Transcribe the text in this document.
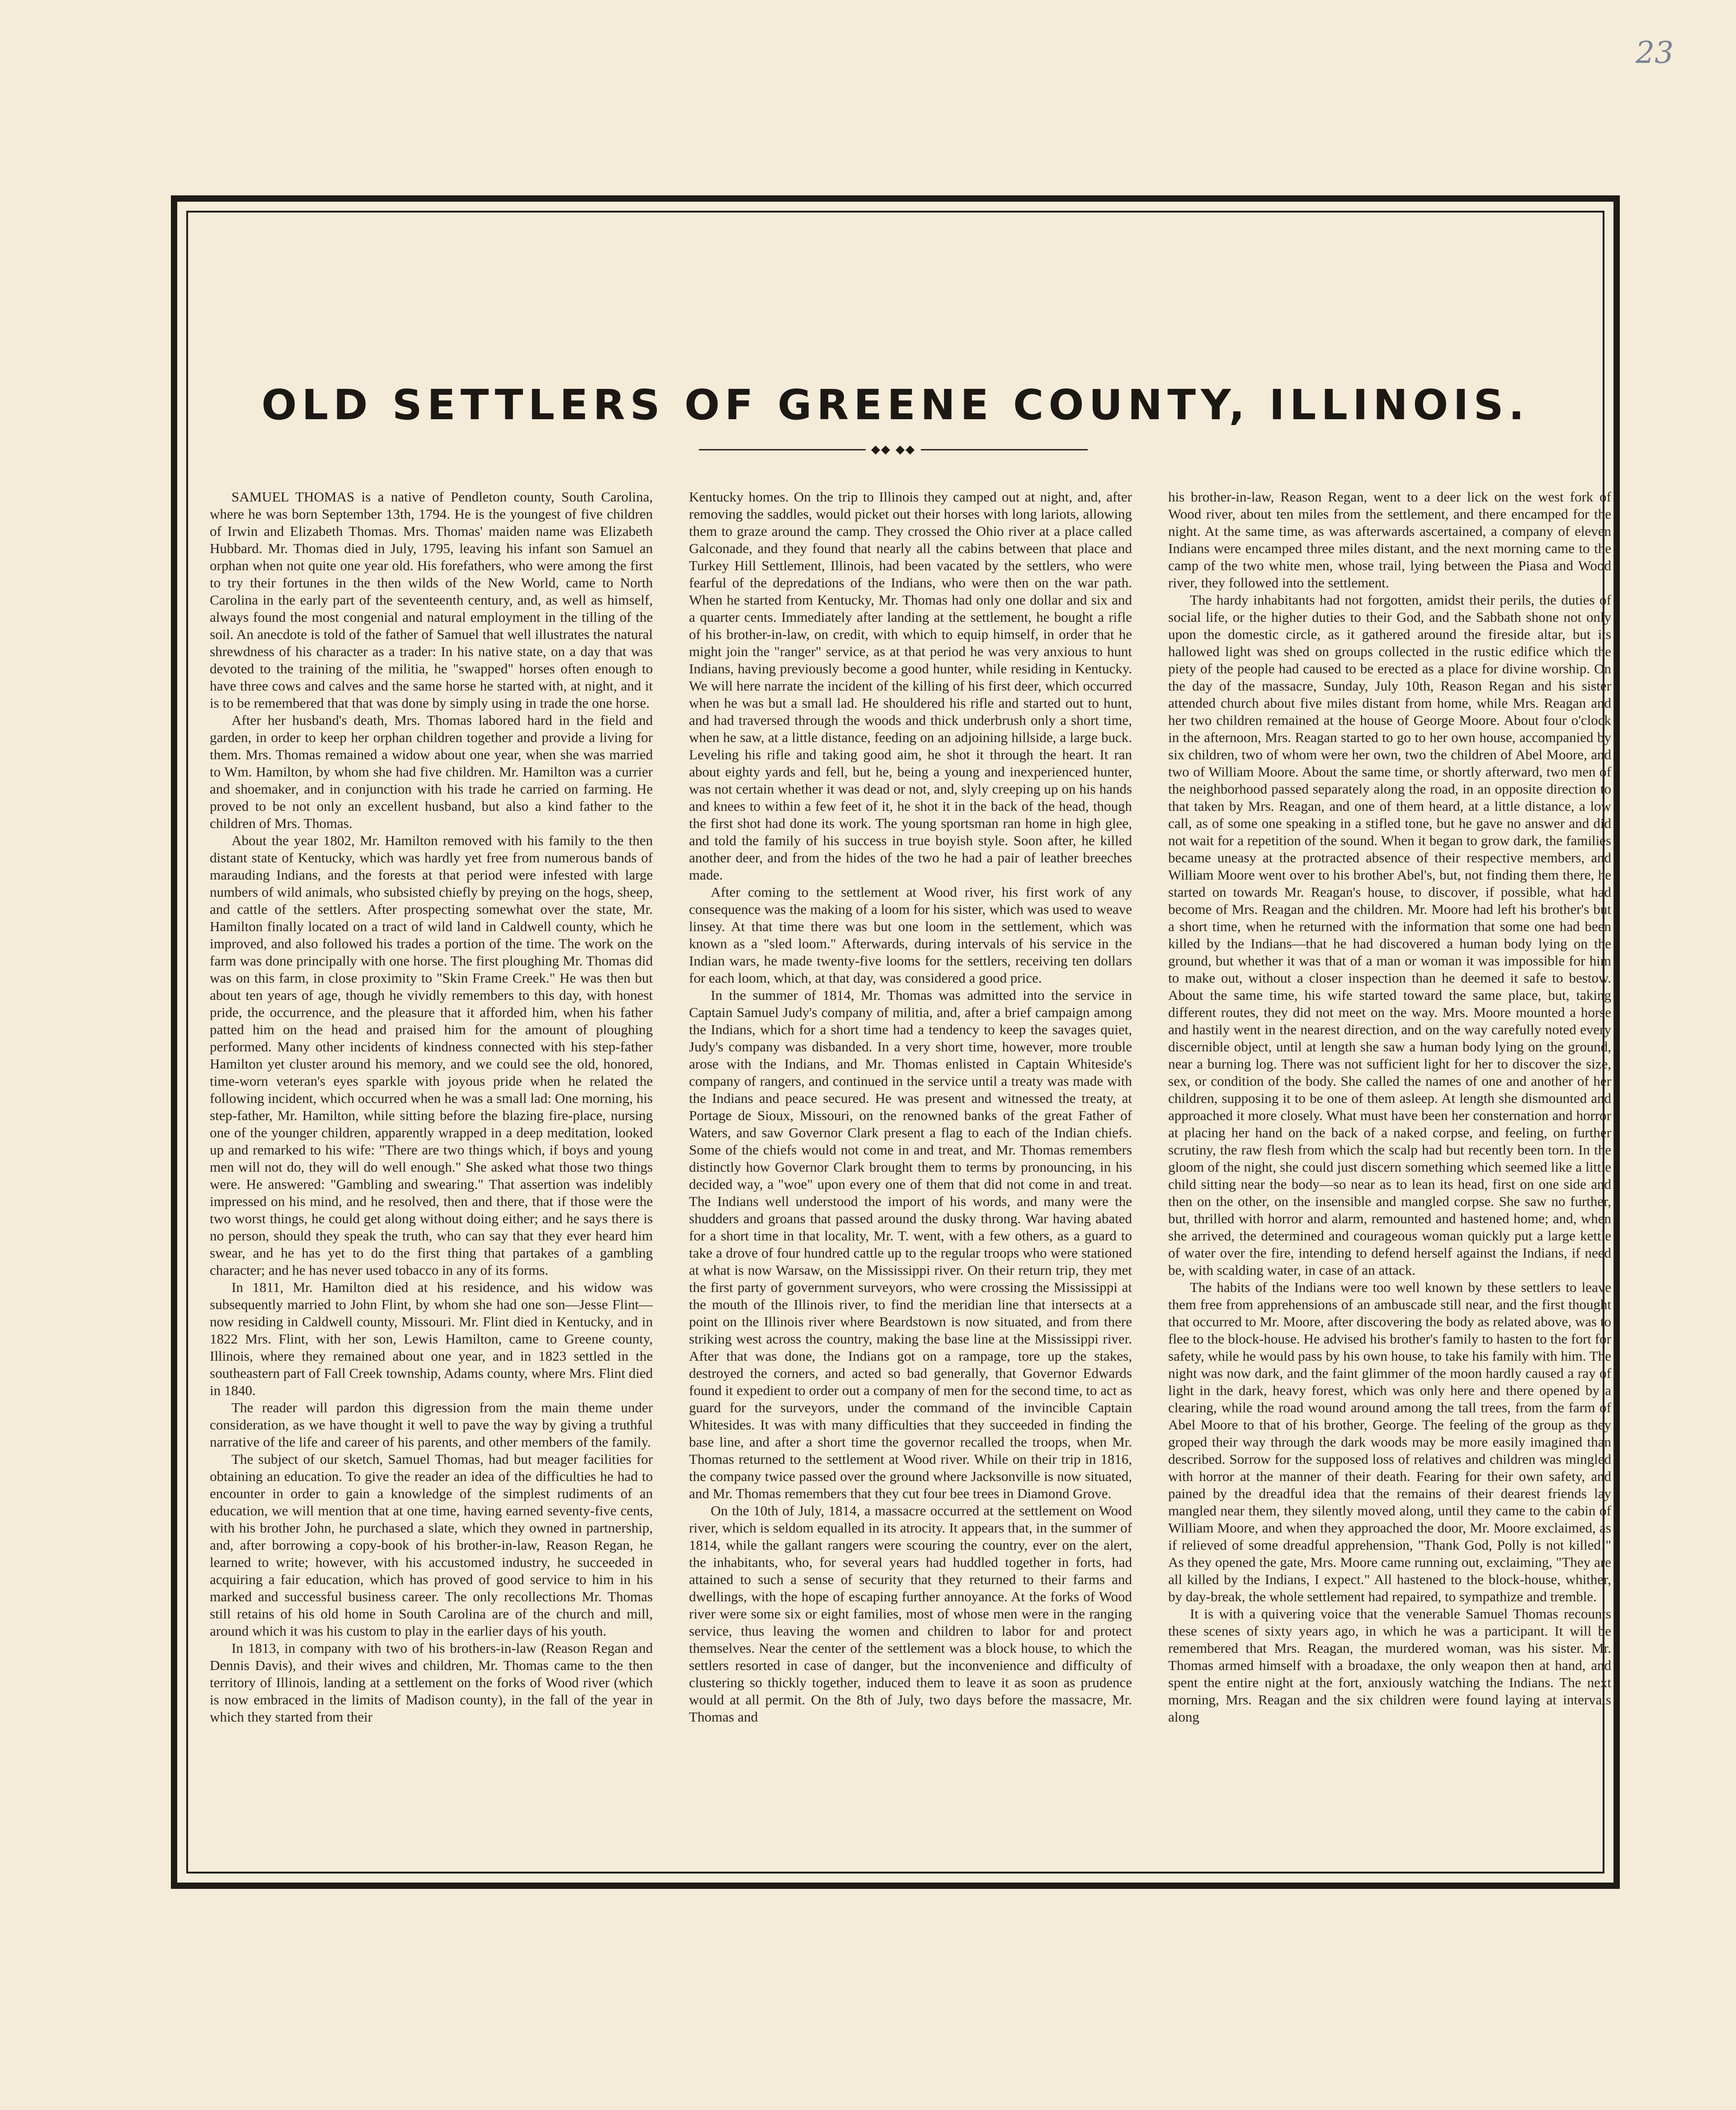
23
OLD SETTLERS OF GREENE COUNTY, ILLINOIS.
◆◆ ◆◆

SAMUEL THOMAS is a native of Pendleton county, South Carolina, where he was born September 13th, 1794. He is the youngest of five children of Irwin and Elizabeth Thomas. Mrs. Thomas' maiden name was Elizabeth Hubbard. Mr. Thomas died in July, 1795, leaving his infant son Samuel an orphan when not quite one year old. His forefathers, who were among the first to try their fortunes in the then wilds of the New World, came to North Carolina in the early part of the seventeenth century, and, as well as himself, always found the most congenial and natural employment in the tilling of the soil. An anecdote is told of the father of Samuel that well illustrates the natural shrewdness of his character as a trader: In his native state, on a day that was devoted to the training of the militia, he "swapped" horses often enough to have three cows and calves and the same horse he started with, at night, and it is to be remembered that that was done by simply using in trade the one horse.

After her husband's death, Mrs. Thomas labored hard in the field and garden, in order to keep her orphan children together and provide a living for them. Mrs. Thomas remained a widow about one year, when she was married to Wm. Hamilton, by whom she had five children. Mr. Hamilton was a currier and shoemaker, and in conjunction with his trade he carried on farming. He proved to be not only an excellent husband, but also a kind father to the children of Mrs. Thomas.

About the year 1802, Mr. Hamilton removed with his family to the then distant state of Kentucky, which was hardly yet free from numerous bands of marauding Indians, and the forests at that period were infested with large numbers of wild animals, who subsisted chiefly by preying on the hogs, sheep, and cattle of the settlers. After prospecting somewhat over the state, Mr. Hamilton finally located on a tract of wild land in Caldwell county, which he improved, and also followed his trades a portion of the time. The work on the farm was done principally with one horse. The first ploughing Mr. Thomas did was on this farm, in close proximity to "Skin Frame Creek." He was then but about ten years of age, though he vividly remembers to this day, with honest pride, the occurrence, and the pleasure that it afforded him, when his father patted him on the head and praised him for the amount of ploughing performed. Many other incidents of kindness connected with his step-father Hamilton yet cluster around his memory, and we could see the old, honored, time-worn veteran's eyes sparkle with joyous pride when he related the following incident, which occurred when he was a small lad: One morning, his step-father, Mr. Hamilton, while sitting before the blazing fire-place, nursing one of the younger children, apparently wrapped in a deep meditation, looked up and remarked to his wife: "There are two things which, if boys and young men will not do, they will do well enough." She asked what those two things were. He answered: "Gambling and swearing." That assertion was indelibly impressed on his mind, and he resolved, then and there, that if those were the two worst things, he could get along without doing either; and he says there is no person, should they speak the truth, who can say that they ever heard him swear, and he has yet to do the first thing that partakes of a gambling character; and he has never used tobacco in any of its forms.

In 1811, Mr. Hamilton died at his residence, and his widow was subsequently married to John Flint, by whom she had one son—Jesse Flint—now residing in Caldwell county, Missouri. Mr. Flint died in Kentucky, and in 1822 Mrs. Flint, with her son, Lewis Hamilton, came to Greene county, Illinois, where they remained about one year, and in 1823 settled in the southeastern part of Fall Creek township, Adams county, where Mrs. Flint died in 1840.

The reader will pardon this digression from the main theme under consideration, as we have thought it well to pave the way by giving a truthful narrative of the life and career of his parents, and other members of the family.

The subject of our sketch, Samuel Thomas, had but meager facilities for obtaining an education. To give the reader an idea of the difficulties he had to encounter in order to gain a knowledge of the simplest rudiments of an education, we will mention that at one time, having earned seventy-five cents, with his brother John, he purchased a slate, which they owned in partnership, and, after borrowing a copy-book of his brother-in-law, Reason Regan, he learned to write; however, with his accustomed industry, he succeeded in acquiring a fair education, which has proved of good service to him in his marked and successful business career. The only recollections Mr. Thomas still retains of his old home in South Carolina are of the church and mill, around which it was his custom to play in the earlier days of his youth.

In 1813, in company with two of his brothers-in-law (Reason Regan and Dennis Davis), and their wives and children, Mr. Thomas came to the then territory of Illinois, landing at a settlement on the forks of Wood river (which is now embraced in the limits of Madison county), in the fall of the year in which they started from their

Kentucky homes. On the trip to Illinois they camped out at night, and, after removing the saddles, would picket out their horses with long lariots, allowing them to graze around the camp. They crossed the Ohio river at a place called Galconade, and they found that nearly all the cabins between that place and Turkey Hill Settlement, Illinois, had been vacated by the settlers, who were fearful of the depredations of the Indians, who were then on the war path. When he started from Kentucky, Mr. Thomas had only one dollar and six and a quarter cents. Immediately after landing at the settlement, he bought a rifle of his brother-in-law, on credit, with which to equip himself, in order that he might join the "ranger" service, as at that period he was very anxious to hunt Indians, having previously become a good hunter, while residing in Kentucky. We will here narrate the incident of the killing of his first deer, which occurred when he was but a small lad. He shouldered his rifle and started out to hunt, and had traversed through the woods and thick underbrush only a short time, when he saw, at a little distance, feeding on an adjoining hillside, a large buck. Leveling his rifle and taking good aim, he shot it through the heart. It ran about eighty yards and fell, but he, being a young and inexperienced hunter, was not certain whether it was dead or not, and, slyly creeping up on his hands and knees to within a few feet of it, he shot it in the back of the head, though the first shot had done its work. The young sportsman ran home in high glee, and told the family of his success in true boyish style. Soon after, he killed another deer, and from the hides of the two he had a pair of leather breeches made.

After coming to the settlement at Wood river, his first work of any consequence was the making of a loom for his sister, which was used to weave linsey. At that time there was but one loom in the settlement, which was known as a "sled loom." Afterwards, during intervals of his service in the Indian wars, he made twenty-five looms for the settlers, receiving ten dollars for each loom, which, at that day, was considered a good price.

In the summer of 1814, Mr. Thomas was admitted into the service in Captain Samuel Judy's company of militia, and, after a brief campaign among the Indians, which for a short time had a tendency to keep the savages quiet, Judy's company was disbanded. In a very short time, however, more trouble arose with the Indians, and Mr. Thomas enlisted in Captain Whiteside's company of rangers, and continued in the service until a treaty was made with the Indians and peace secured. He was present and witnessed the treaty, at Portage de Sioux, Missouri, on the renowned banks of the great Father of Waters, and saw Governor Clark present a flag to each of the Indian chiefs. Some of the chiefs would not come in and treat, and Mr. Thomas remembers distinctly how Governor Clark brought them to terms by pronouncing, in his decided way, a "woe" upon every one of them that did not come in and treat. The Indians well understood the import of his words, and many were the shudders and groans that passed around the dusky throng. War having abated for a short time in that locality, Mr. T. went, with a few others, as a guard to take a drove of four hundred cattle up to the regular troops who were stationed at what is now Warsaw, on the Mississippi river. On their return trip, they met the first party of government surveyors, who were crossing the Mississippi at the mouth of the Illinois river, to find the meridian line that intersects at a point on the Illinois river where Beardstown is now situated, and from there striking west across the country, making the base line at the Mississippi river. After that was done, the Indians got on a rampage, tore up the stakes, destroyed the corners, and acted so bad generally, that Governor Edwards found it expedient to order out a company of men for the second time, to act as guard for the surveyors, under the command of the invincible Captain Whitesides. It was with many difficulties that they succeeded in finding the base line, and after a short time the governor recalled the troops, when Mr. Thomas returned to the settlement at Wood river. While on their trip in 1816, the company twice passed over the ground where Jacksonville is now situated, and Mr. Thomas remembers that they cut four bee trees in Diamond Grove.

On the 10th of July, 1814, a massacre occurred at the settlement on Wood river, which is seldom equalled in its atrocity. It appears that, in the summer of 1814, while the gallant rangers were scouring the country, ever on the alert, the inhabitants, who, for several years had huddled together in forts, had attained to such a sense of security that they returned to their farms and dwellings, with the hope of escaping further annoyance. At the forks of Wood river were some six or eight families, most of whose men were in the ranging service, thus leaving the women and children to labor for and protect themselves. Near the center of the settlement was a block house, to which the settlers resorted in case of danger, but the inconvenience and difficulty of clustering so thickly together, induced them to leave it as soon as prudence would at all permit. On the 8th of July, two days before the massacre, Mr. Thomas and

his brother-in-law, Reason Regan, went to a deer lick on the west fork of Wood river, about ten miles from the settlement, and there encamped for the night. At the same time, as was afterwards ascertained, a company of eleven Indians were encamped three miles distant, and the next morning came to the camp of the two white men, whose trail, lying between the Piasa and Wood river, they followed into the settlement.

The hardy inhabitants had not forgotten, amidst their perils, the duties of social life, or the higher duties to their God, and the Sabbath shone not only upon the domestic circle, as it gathered around the fireside altar, but its hallowed light was shed on groups collected in the rustic edifice which the piety of the people had caused to be erected as a place for divine worship. On the day of the massacre, Sunday, July 10th, Reason Regan and his sister attended church about five miles distant from home, while Mrs. Reagan and her two children remained at the house of George Moore. About four o'clock in the afternoon, Mrs. Reagan started to go to her own house, accompanied by six children, two of whom were her own, two the children of Abel Moore, and two of William Moore. About the same time, or shortly afterward, two men of the neighborhood passed separately along the road, in an opposite direction to that taken by Mrs. Reagan, and one of them heard, at a little distance, a low call, as of some one speaking in a stifled tone, but he gave no answer and did not wait for a repetition of the sound. When it began to grow dark, the families became uneasy at the protracted absence of their respective members, and William Moore went over to his brother Abel's, but, not finding them there, he started on towards Mr. Reagan's house, to discover, if possible, what had become of Mrs. Reagan and the children. Mr. Moore had left his brother's but a short time, when he returned with the information that some one had been killed by the Indians—that he had discovered a human body lying on the ground, but whether it was that of a man or woman it was impossible for him to make out, without a closer inspection than he deemed it safe to bestow. About the same time, his wife started toward the same place, but, taking different routes, they did not meet on the way. Mrs. Moore mounted a horse and hastily went in the nearest direction, and on the way carefully noted every discernible object, until at length she saw a human body lying on the ground, near a burning log. There was not sufficient light for her to discover the size, sex, or condition of the body. She called the names of one and another of her children, supposing it to be one of them asleep. At length she dismounted and approached it more closely. What must have been her consternation and horror at placing her hand on the back of a naked corpse, and feeling, on further scrutiny, the raw flesh from which the scalp had but recently been torn. In the gloom of the night, she could just discern something which seemed like a little child sitting near the body—so near as to lean its head, first on one side and then on the other, on the insensible and mangled corpse. She saw no further, but, thrilled with horror and alarm, remounted and hastened home; and, when she arrived, the determined and courageous woman quickly put a large kettle of water over the fire, intending to defend herself against the Indians, if need be, with scalding water, in case of an attack.

The habits of the Indians were too well known by these settlers to leave them free from apprehensions of an ambuscade still near, and the first thought that occurred to Mr. Moore, after discovering the body as related above, was to flee to the block-house. He advised his brother's family to hasten to the fort for safety, while he would pass by his own house, to take his family with him. The night was now dark, and the faint glimmer of the moon hardly caused a ray of light in the dark, heavy forest, which was only here and there opened by a clearing, while the road wound around among the tall trees, from the farm of Abel Moore to that of his brother, George. The feeling of the group as they groped their way through the dark woods may be more easily imagined than described. Sorrow for the supposed loss of relatives and children was mingled with horror at the manner of their death. Fearing for their own safety, and pained by the dreadful idea that the remains of their dearest friends lay mangled near them, they silently moved along, until they came to the cabin of William Moore, and when they approached the door, Mr. Moore exclaimed, as if relieved of some dreadful apprehension, "Thank God, Polly is not killed!" As they opened the gate, Mrs. Moore came running out, exclaiming, "They are all killed by the Indians, I expect." All hastened to the block-house, whither, by day-break, the whole settlement had repaired, to sympathize and tremble.

It is with a quivering voice that the venerable Samuel Thomas recounts these scenes of sixty years ago, in which he was a participant. It will be remembered that Mrs. Reagan, the murdered woman, was his sister. Mr. Thomas armed himself with a broadaxe, the only weapon then at hand, and spent the entire night at the fort, anxiously watching the Indians. The next morning, Mrs. Reagan and the six children were found laying at intervals along
